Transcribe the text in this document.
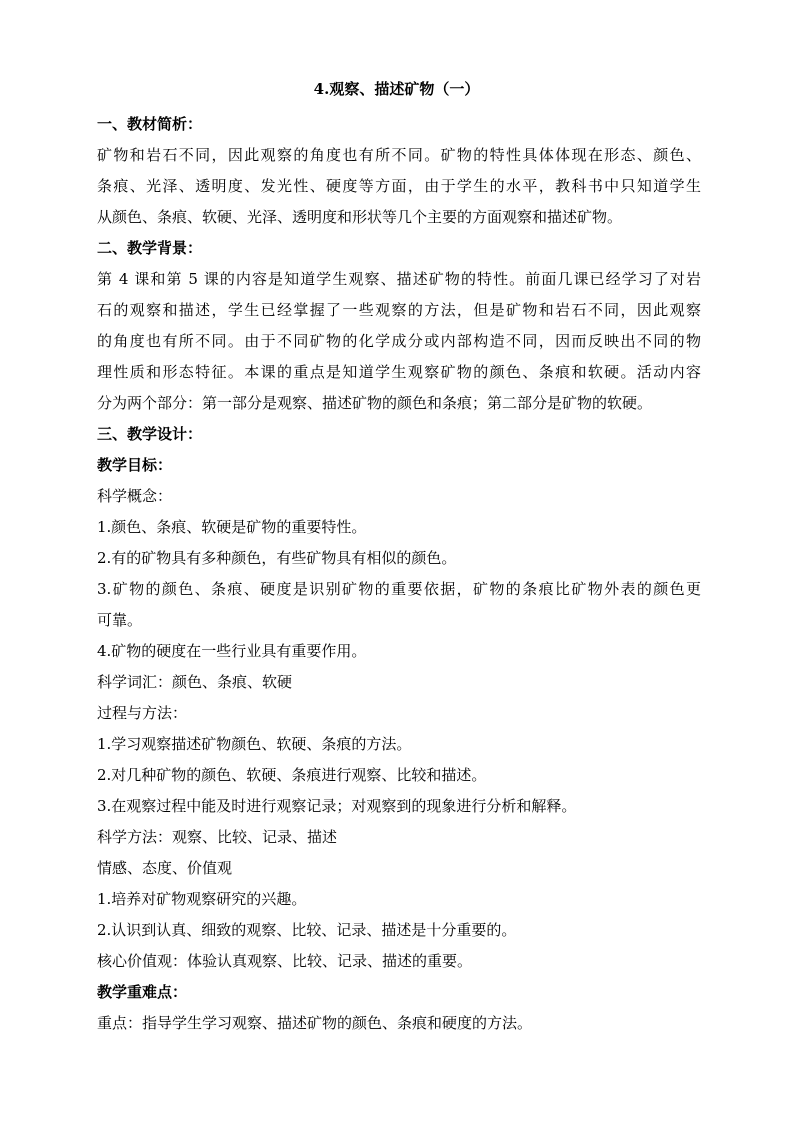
4.观察、描述矿物（一）
一、教材简析：
矿物和岩石不同，因此观察的角度也有所不同。矿物的特性具体体现在形态、颜色、
条痕、光泽、透明度、发光性、硬度等方面，由于学生的水平，教科书中只知道学生
从颜色、条痕、软硬、光泽、透明度和形状等几个主要的方面观察和描述矿物。
二、教学背景：
第 4 课和第 5 课的内容是知道学生观察、描述矿物的特性。前面几课已经学习了对岩
石的观察和描述，学生已经掌握了一些观察的方法，但是矿物和岩石不同，因此观察
的角度也有所不同。由于不同矿物的化学成分或内部构造不同，因而反映出不同的物
理性质和形态特征。本课的重点是知道学生观察矿物的颜色、条痕和软硬。活动内容
分为两个部分：第一部分是观察、描述矿物的颜色和条痕；第二部分是矿物的软硬。
三、教学设计：
教学目标：
科学概念：
1.颜色、条痕、软硬是矿物的重要特性。
2.有的矿物具有多种颜色，有些矿物具有相似的颜色。
3.矿物的颜色、条痕、硬度是识别矿物的重要依据，矿物的条痕比矿物外表的颜色更
可靠。
4.矿物的硬度在一些行业具有重要作用。
科学词汇：颜色、条痕、软硬
过程与方法：
1.学习观察描述矿物颜色、软硬、条痕的方法。
2.对几种矿物的颜色、软硬、条痕进行观察、比较和描述。
3.在观察过程中能及时进行观察记录；对观察到的现象进行分析和解释。
科学方法：观察、比较、记录、描述
情感、态度、价值观
1.培养对矿物观察研究的兴趣。
2.认识到认真、细致的观察、比较、记录、描述是十分重要的。
核心价值观：体验认真观察、比较、记录、描述的重要。
教学重难点：
重点：指导学生学习观察、描述矿物的颜色、条痕和硬度的方法。
